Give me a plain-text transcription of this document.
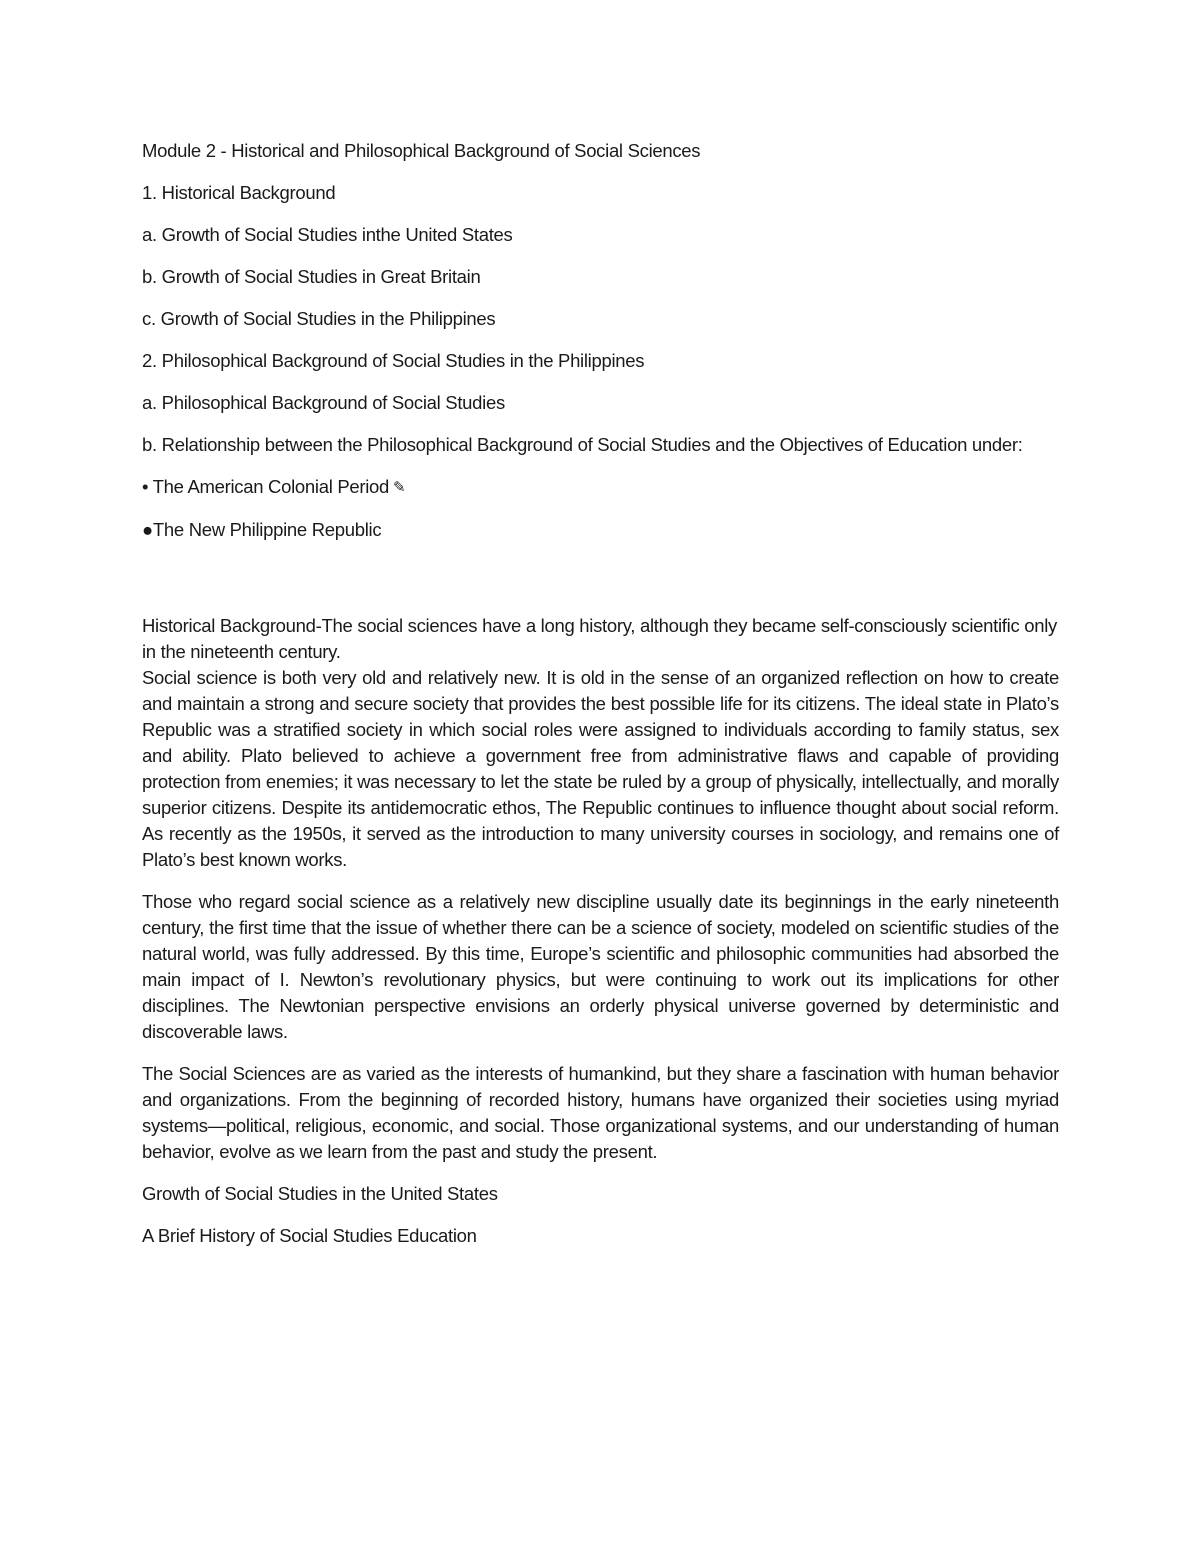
Module 2 - Historical and Philosophical Background of Social Sciences

1. Historical Background

a. Growth of Social Studies inthe United States

b. Growth of Social Studies in Great Britain

c. Growth of Social Studies in the Philippines

2. Philosophical Background of Social Studies in the Philippines

a. Philosophical Background of Social Studies

b. Relationship between the Philosophical Background of Social Studies and the Objectives of Education under:

• The American Colonial Period ✎

●The New Philippine Republic

Historical Background-The social sciences have a long history, although they became self-consciously scientific only in the nineteenth century.

Social science is both very old and relatively new. It is old in the sense of an organized reflection on how to create and maintain a strong and secure society that provides the best possible life for its citizens. The ideal state in Plato’s Republic was a stratified society in which social roles were assigned to individuals according to family status, sex and ability. Plato believed to achieve a government free from administrative flaws and capable of providing protection from enemies; it was necessary to let the state be ruled by a group of physically, intellectually, and morally superior citizens. Despite its antidemocratic ethos, The Republic continues to influence thought about social reform. As recently as the 1950s, it served as the introduction to many university courses in sociology, and remains one of Plato’s best known works.

Those who regard social science as a relatively new discipline usually date its beginnings in the early nineteenth century, the first time that the issue of whether there can be a science of society, modeled on scientific studies of the natural world, was fully addressed. By this time, Europe’s scientific and philosophic communities had absorbed the main impact of I. Newton’s revolutionary physics, but were continuing to work out its implications for other disciplines. The Newtonian perspective envisions an orderly physical universe governed by deterministic and discoverable laws.

The Social Sciences are as varied as the interests of humankind, but they share a fascination with human behavior and organizations. From the beginning of recorded history, humans have organized their societies using myriad systems—political, religious, economic, and social. Those organizational systems, and our understanding of human behavior, evolve as we learn from the past and study the present.

Growth of Social Studies in the United States

A Brief History of Social Studies Education
